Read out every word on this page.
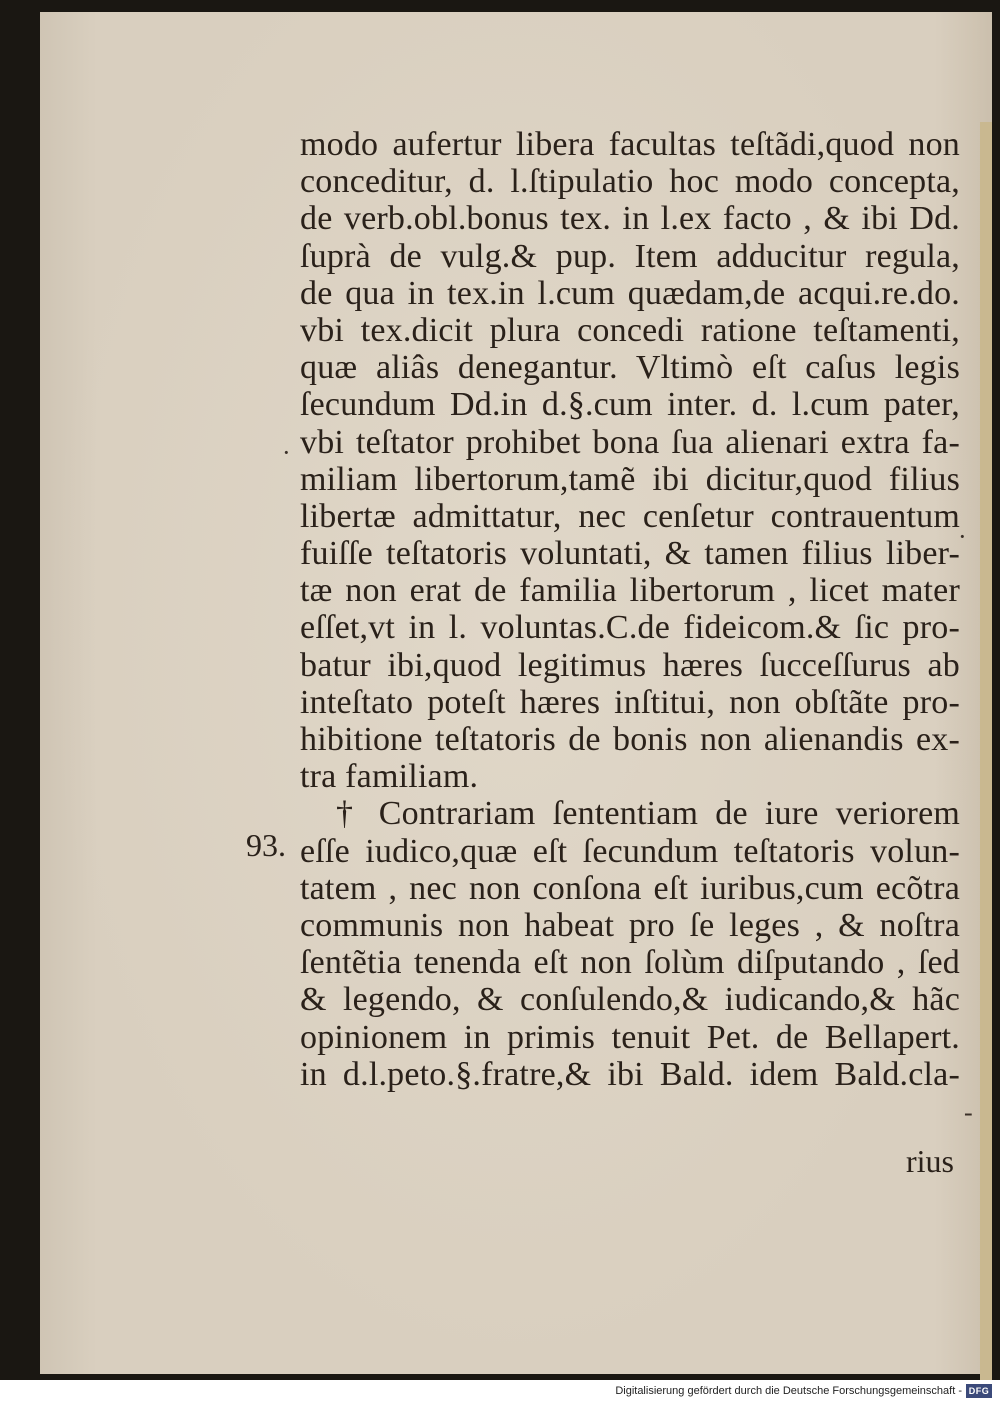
modo aufertur libera facultas teſtãdi,quod non
conceditur, d. l.ſtipulatio hoc modo concepta,
de verb.obl.bonus tex. in l.ex facto , & ibi Dd.
ſuprà de vulg.& pup. Item adducitur regula,
de qua in tex.in l.cum quædam,de acqui.re.do.
vbi tex.dicit plura concedi ratione teſtamenti,
quæ aliâs denegantur. Vltimò eſt caſus legis
ſecundum Dd.in d.§.cum inter. d. l.cum pater,
vbi teſtator prohibet bona ſua alienari extra fa-
miliam libertorum,tamẽ ibi dicitur,quod filius
libertæ admittatur, nec cenſetur contrauentum
fuiſſe teſtatoris voluntati, & tamen filius liber-
tæ non erat de familia libertorum , licet mater
eſſet,vt in l. voluntas.C.de fideicom.& ſic pro-
batur ibi,quod legitimus hæres ſucceſſurus ab
inteſtato poteſt hæres inſtitui, non obſtãte pro-
hibitione teſtatoris de bonis non alienandis ex-
tra familiam.
† Contrariam ſententiam de iure veriorem
eſſe iudico,quæ eſt ſecundum teſtatoris volun-
tatem , nec non conſona eſt iuribus,cum ecõtra
communis non habeat pro ſe leges , & noſtra
ſentẽtia tenenda eſt non ſolùm diſputando , ſed
& legendo, & conſulendo,& iudicando,& hãc
opinionem in primis tenuit Pet. de Bellapert.
in d.l.peto.§.fratre,& ibi Bald. idem Bald.cla-
93.
rius
·
·
-
Digitalisierung gefördert durch die Deutsche Forschungsgemeinschaft - DFG
